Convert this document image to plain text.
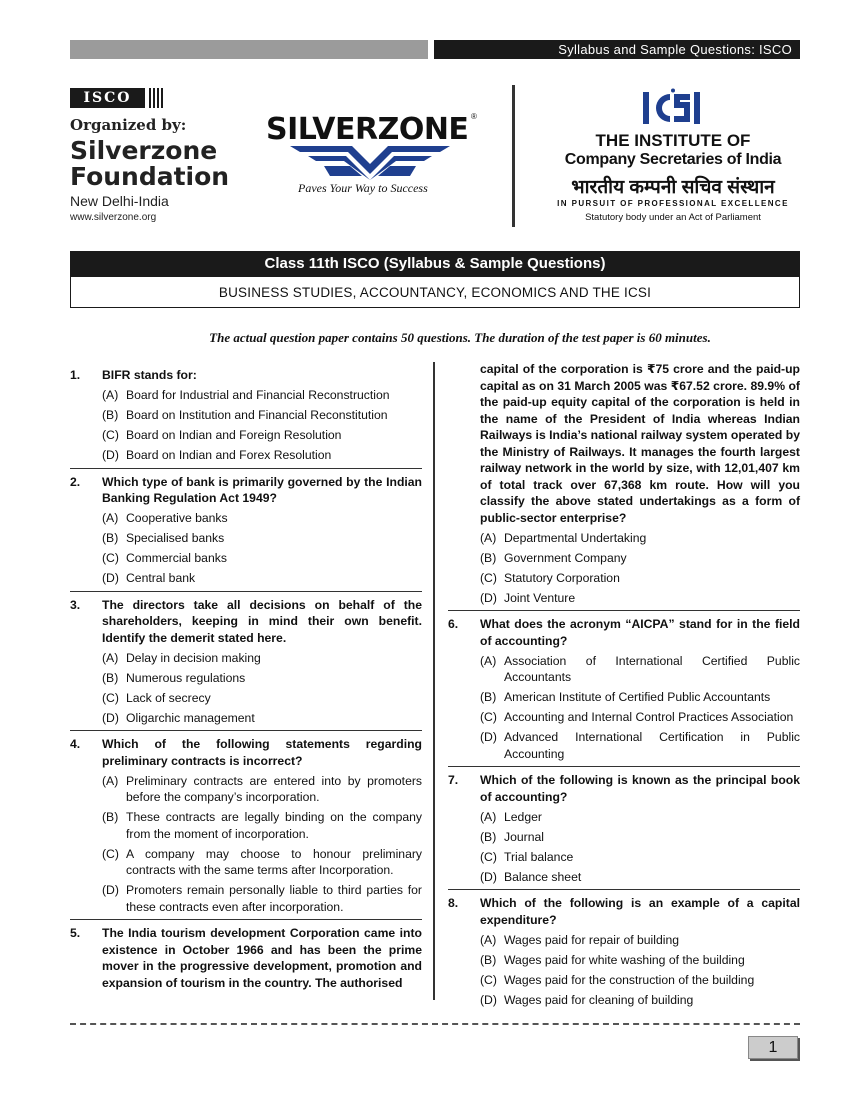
Syllabus and Sample Questions: ISCO
ISCO
Organized by:
Silverzone
Foundation
New Delhi-India
www.silverzone.org
SILVERZONE ®
Paves Your Way to Success
THE INSTITUTE OF
Company Secretaries of India
भारतीय कम्पनी सचिव संस्थान
IN PURSUIT OF PROFESSIONAL EXCELLENCE
Statutory body under an Act of Parliament
Class 11th ISCO (Syllabus & Sample Questions)
BUSINESS STUDIES, ACCOUNTANCY, ECONOMICS AND THE ICSI
The actual question paper contains 50 questions. The duration of the test paper is 60 minutes.
1. BIFR stands for:
(A) Board for Industrial and Financial Reconstruction
(B) Board on Institution and Financial Reconstitution
(C) Board on Indian and Foreign Resolution
(D) Board on Indian and Forex Resolution
2. Which type of bank is primarily governed by the Indian Banking Regulation Act 1949?
(A) Cooperative banks
(B) Specialised banks
(C) Commercial banks
(D) Central bank
3. The directors take all decisions on behalf of the shareholders, keeping in mind their own benefit. Identify the demerit stated here.
(A) Delay in decision making
(B) Numerous regulations
(C) Lack of secrecy
(D) Oligarchic management
4. Which of the following statements regarding preliminary contracts is incorrect?
(A) Preliminary contracts are entered into by promoters before the company’s incorporation.
(B) These contracts are legally binding on the company from the moment of incorporation.
(C) A company may choose to honour preliminary contracts with the same terms after Incorporation.
(D) Promoters remain personally liable to third parties for these contracts even after incorporation.
5. The India tourism development Corporation came into existence in October 1966 and has been the prime mover in the progressive development, promotion and expansion of tourism in the country. The authorised
capital of the corporation is ₹75 crore and the paid-up capital as on 31 March 2005 was ₹67.52 crore. 89.9% of the paid-up equity capital of the corporation is held in the name of the President of India whereas Indian Railways is India’s national railway system operated by the Ministry of Railways. It manages the fourth largest railway network in the world by size, with 12,01,407 km of total track over 67,368 km route. How will you classify the above stated undertakings as a form of public-sector enterprise?
(A) Departmental Undertaking
(B) Government Company
(C) Statutory Corporation
(D) Joint Venture
6. What does the acronym “AICPA” stand for in the field of accounting?
(A) Association of International Certified Public Accountants
(B) American Institute of Certified Public Accountants
(C) Accounting and Internal Control Practices Association
(D) Advanced International Certification in Public Accounting
7. Which of the following is known as the principal book of accounting?
(A) Ledger
(B) Journal
(C) Trial balance
(D) Balance sheet
8. Which of the following is an example of a capital expenditure?
(A) Wages paid for repair of building
(B) Wages paid for white washing of the building
(C) Wages paid for the construction of the building
(D) Wages paid for cleaning of building
1
